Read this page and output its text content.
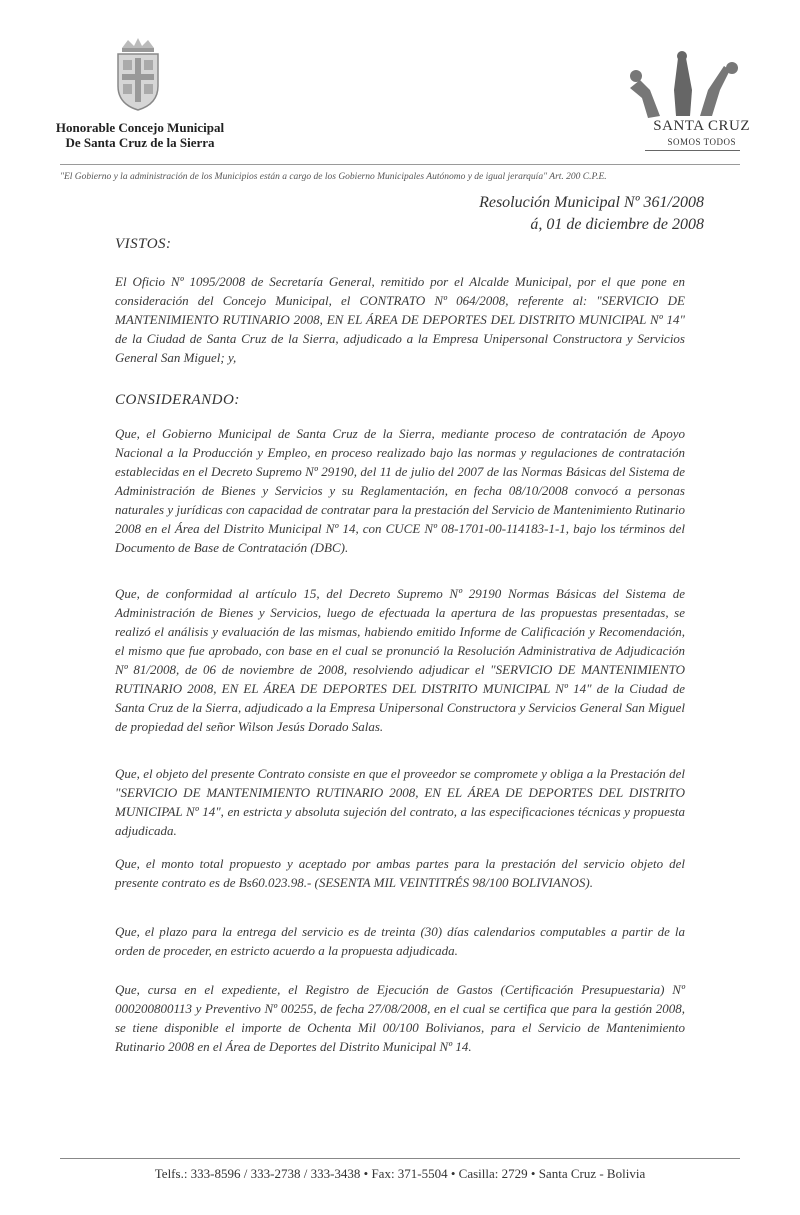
Honorable Concejo Municipal
De Santa Cruz de la Sierra
SANTA CRUZ
SOMOS TODOS
"El Gobierno y la administración de los Municipios están a cargo de los Gobierno Municipales Autónomo y de igual jerarquía" Art. 200 C.P.E.
Resolución Municipal Nº 361/2008
á, 01 de diciembre de 2008
VISTOS:

El Oficio Nº 1095/2008 de Secretaría General, remitido por el Alcalde Municipal, por el que pone en consideración del Concejo Municipal, el CONTRATO Nº 064/2008, referente al: "SERVICIO DE MANTENIMIENTO RUTINARIO 2008, EN EL ÁREA DE DEPORTES DEL DISTRITO MUNICIPAL Nº 14" de la Ciudad de Santa Cruz de la Sierra, adjudicado a la Empresa Unipersonal Constructora y Servicios General San Miguel; y,

CONSIDERANDO:

Que, el Gobierno Municipal de Santa Cruz de la Sierra, mediante proceso de contratación de Apoyo Nacional a la Producción y Empleo, en proceso realizado bajo las normas y regulaciones de contratación establecidas en el Decreto Supremo Nº 29190, del 11 de julio del 2007 de las Normas Básicas del Sistema de Administración de Bienes y Servicios y su Reglamentación, en fecha 08/10/2008 convocó a personas naturales y jurídicas con capacidad de contratar para la prestación del Servicio de Mantenimiento Rutinario 2008 en el Área del Distrito Municipal Nº 14, con CUCE Nº 08-1701-00-114183-1-1, bajo los términos del Documento de Base de Contratación (DBC).

Que, de conformidad al artículo 15, del Decreto Supremo Nº 29190 Normas Básicas del Sistema de Administración de Bienes y Servicios, luego de efectuada la apertura de las propuestas presentadas, se realizó el análisis y evaluación de las mismas, habiendo emitido Informe de Calificación y Recomendación, el mismo que fue aprobado, con base en el cual se pronunció la Resolución Administrativa de Adjudicación Nº 81/2008, de 06 de noviembre de 2008, resolviendo adjudicar el "SERVICIO DE MANTENIMIENTO RUTINARIO 2008, EN EL ÁREA DE DEPORTES DEL DISTRITO MUNICIPAL Nº 14" de la Ciudad de Santa Cruz de la Sierra, adjudicado a la Empresa Unipersonal Constructora y Servicios General San Miguel de propiedad del señor Wilson Jesús Dorado Salas.

Que, el objeto del presente Contrato consiste en que el proveedor se compromete y obliga a la Prestación del "SERVICIO DE MANTENIMIENTO RUTINARIO 2008, EN EL ÁREA DE DEPORTES DEL DISTRITO MUNICIPAL Nº 14", en estricta y absoluta sujeción del contrato, a las especificaciones técnicas y propuesta adjudicada.

Que, el monto total propuesto y aceptado por ambas partes para la prestación del servicio objeto del presente contrato es de Bs60.023.98.- (SESENTA MIL VEINTITRÉS 98/100 BOLIVIANOS).

Que, el plazo para la entrega del servicio es de treinta (30) días calendarios computables a partir de la orden de proceder, en estricto acuerdo a la propuesta adjudicada.

Que, cursa en el expediente, el Registro de Ejecución de Gastos (Certificación Presupuestaria) Nº 000200800113 y Preventivo Nº 00255, de fecha 27/08/2008, en el cual se certifica que para la gestión 2008, se tiene disponible el importe de Ochenta Mil 00/100 Bolivianos, para el Servicio de Mantenimiento Rutinario 2008 en el Área de Deportes del Distrito Municipal Nº 14.

Telfs.: 333-8596 / 333-2738 / 333-3438 • Fax: 371-5504 • Casilla: 2729 • Santa Cruz - Bolivia
